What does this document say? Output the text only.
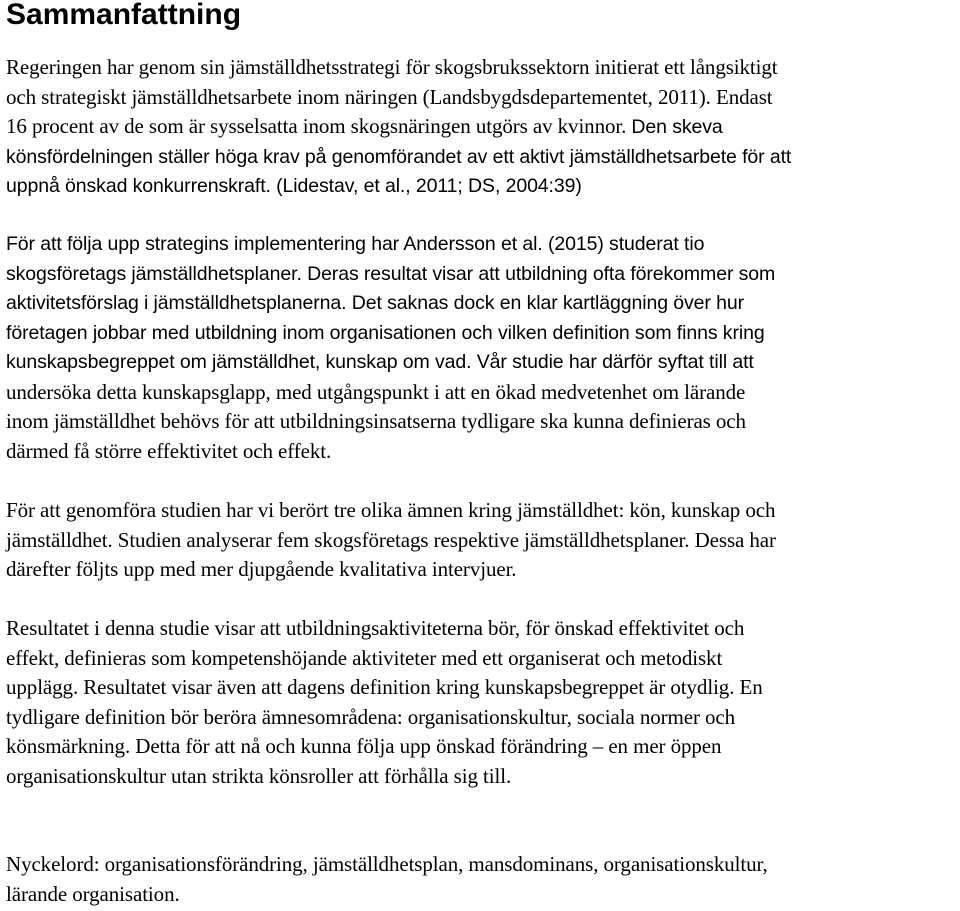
Sammanfattning
Regeringen har genom sin jämställdhetsstrategi för skogsbrukssektorn initierat ett långsiktigt
och strategiskt jämställdhetsarbete inom näringen (Landsbygdsdepartementet, 2011). Endast
16 procent av de som är sysselsatta inom skogsnäringen utgörs av kvinnor. Den skeva
könsfördelningen ställer höga krav på genomförandet av ett aktivt jämställdhetsarbete för att
uppnå önskad konkurrenskraft. (Lidestav, et al., 2011; DS, 2004:39)
För att följa upp strategins implementering har Andersson et al. (2015) studerat tio
skogsföretags jämställdhetsplaner. Deras resultat visar att utbildning ofta förekommer som
aktivitetsförslag i jämställdhetsplanerna. Det saknas dock en klar kartläggning över hur
företagen jobbar med utbildning inom organisationen och vilken definition som finns kring
kunskapsbegreppet om jämställdhet, kunskap om vad. Vår studie har därför syftat till att
undersöka detta kunskapsglapp, med utgångspunkt i att en ökad medvetenhet om lärande
inom jämställdhet behövs för att utbildningsinsatserna tydligare ska kunna definieras och
därmed få större effektivitet och effekt.
För att genomföra studien har vi berört tre olika ämnen kring jämställdhet: kön, kunskap och
jämställdhet. Studien analyserar fem skogsföretags respektive jämställdhetsplaner. Dessa har
därefter följts upp med mer djupgående kvalitativa intervjuer.
Resultatet i denna studie visar att utbildningsaktiviteterna bör, för önskad effektivitet och
effekt, definieras som kompetenshöjande aktiviteter med ett organiserat och metodiskt
upplägg. Resultatet visar även att dagens definition kring kunskapsbegreppet är otydlig. En
tydligare definition bör beröra ämnesområdena: organisationskultur, sociala normer och
könsmärkning. Detta för att nå och kunna följa upp önskad förändring – en mer öppen
organisationskultur utan strikta könsroller att förhålla sig till.
Nyckelord: organisationsförändring, jämställdhetsplan, mansdominans, organisationskultur,
lärande organisation.
